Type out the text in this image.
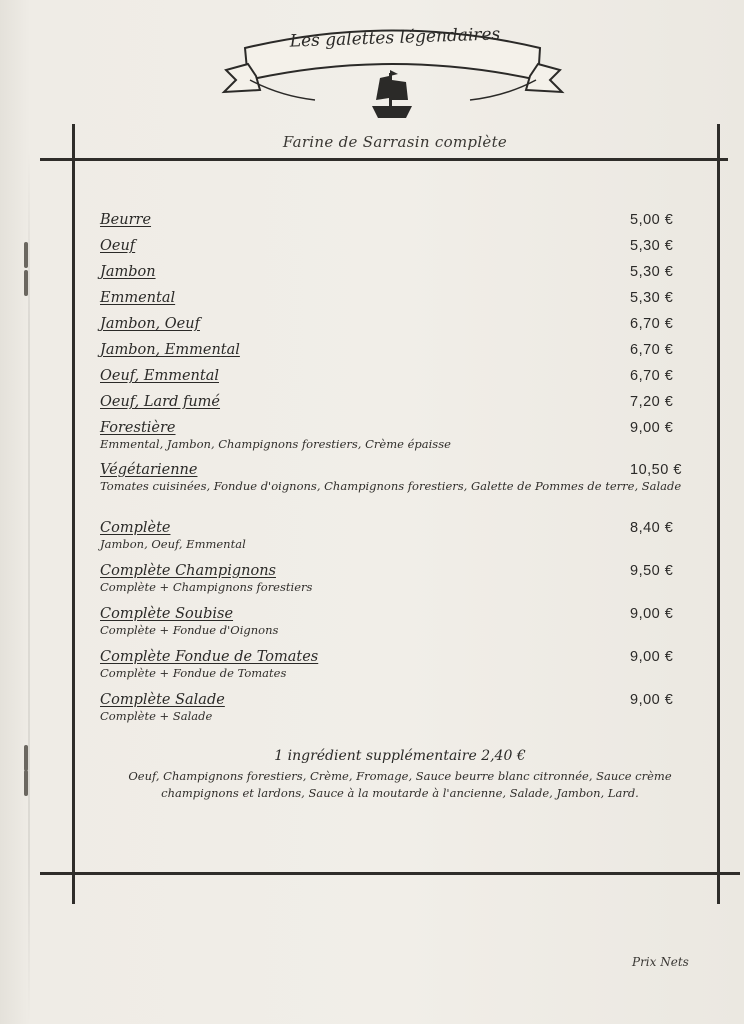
Les galettes légendaires
Farine de Sarrasin complète
Beurre	5,00 €
Oeuf	5,30 €
Jambon	5,30 €
Emmental	5,30 €
Jambon, Oeuf	6,70 €
Jambon, Emmental	6,70 €
Oeuf, Emmental	6,70 €
Oeuf, Lard fumé	7,20 €
Forestière	9,00 €
Emmental, Jambon, Champignons forestiers, Crème épaisse
Végétarienne	10,50 €
Tomates cuisinées, Fondue d'oignons, Champignons forestiers, Galette de Pommes de terre, Salade
Complète	8,40 €
Jambon, Oeuf, Emmental
Complète Champignons	9,50 €
Complète + Champignons forestiers
Complète Soubise	9,00 €
Complète + Fondue d'Oignons
Complète Fondue de Tomates	9,00 €
Complète + Fondue de Tomates
Complète Salade	9,00 €
Complète + Salade
1 ingrédient supplémentaire 2,40 €
Oeuf, Champignons forestiers, Crème, Fromage, Sauce beurre blanc citronnée, Sauce crème champignons et lardons, Sauce à la moutarde à l'ancienne, Salade, Jambon, Lard.
Prix Nets
